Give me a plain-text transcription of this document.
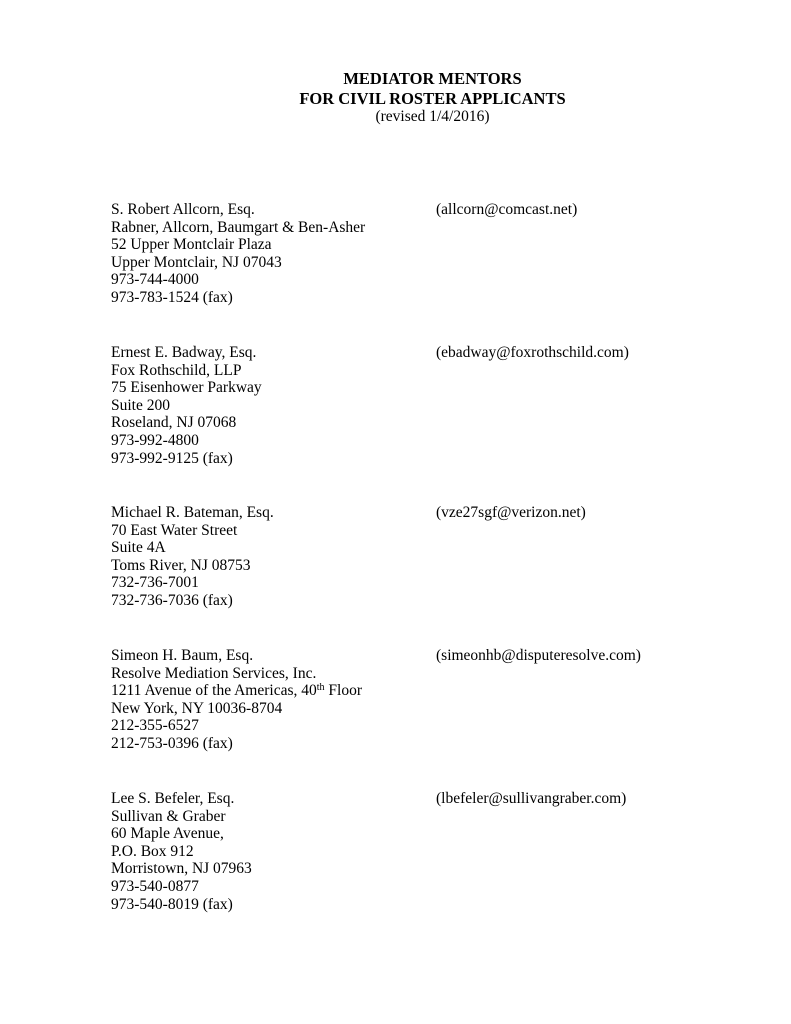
MEDIATOR MENTORS
FOR CIVIL ROSTER APPLICANTS
(revised 1/4/2016)
S. Robert Allcorn, Esq.	(allcorn@comcast.net)
Rabner, Allcorn, Baumgart & Ben-Asher
52 Upper Montclair Plaza
Upper Montclair, NJ 07043
973-744-4000
973-783-1524 (fax)
Ernest E. Badway, Esq.	(ebadway@foxrothschild.com)
Fox Rothschild, LLP
75 Eisenhower Parkway
Suite 200
Roseland, NJ 07068
973-992-4800
973-992-9125 (fax)
Michael R. Bateman, Esq.	(vze27sgf@verizon.net)
70 East Water Street
Suite 4A
Toms River, NJ 08753
732-736-7001
732-736-7036 (fax)
Simeon H. Baum, Esq.	(simeonhb@disputeresolve.com)
Resolve Mediation Services, Inc.
1211 Avenue of the Americas, 40th Floor
New York, NY 10036-8704
212-355-6527
212-753-0396 (fax)
Lee S. Befeler, Esq.	(lbefeler@sullivangraber.com)
Sullivan & Graber
60 Maple Avenue,
P.O. Box 912
Morristown, NJ 07963
973-540-0877
973-540-8019 (fax)
